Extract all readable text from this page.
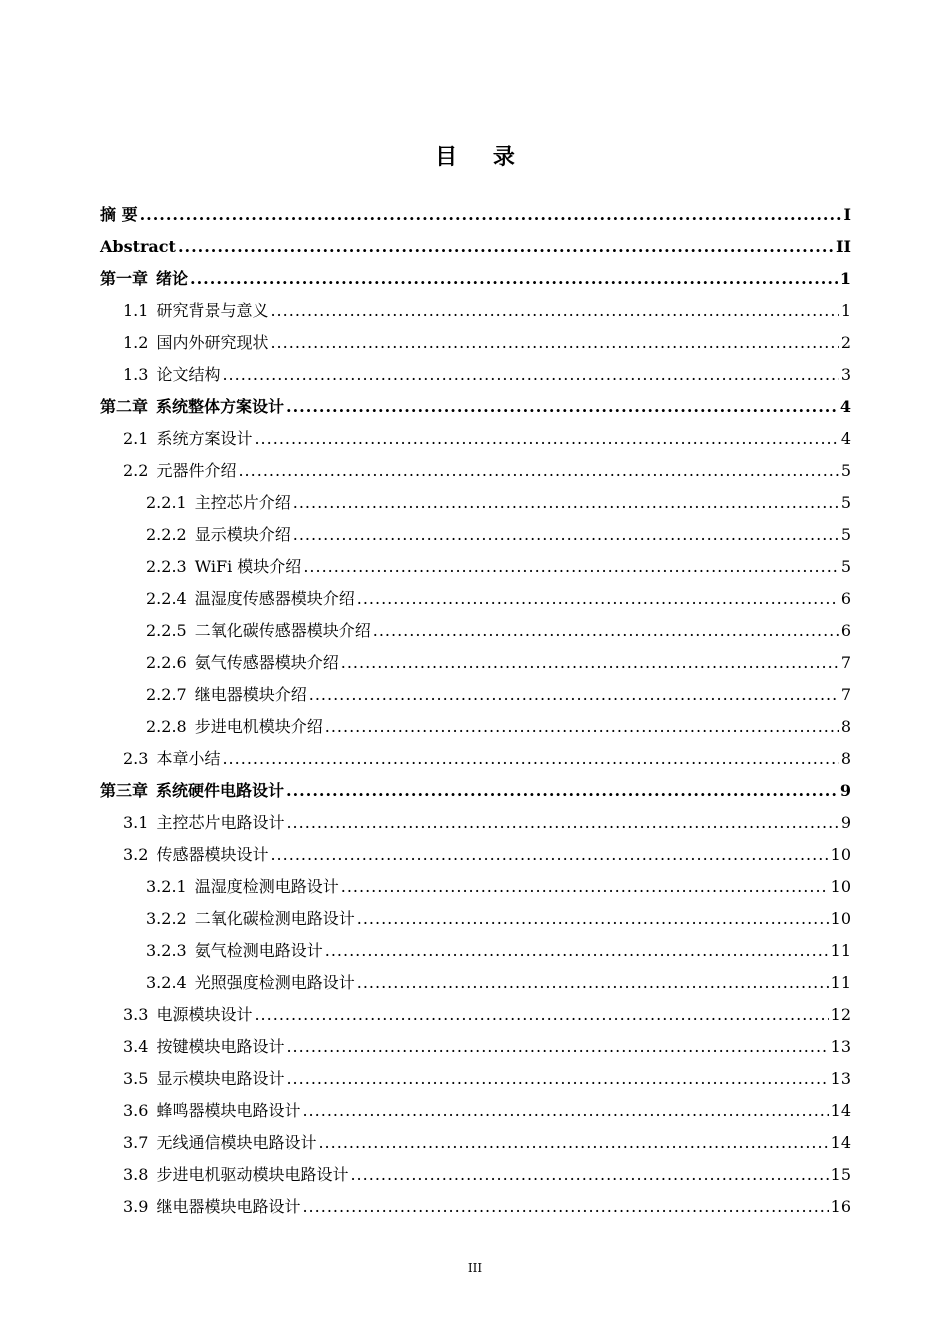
目 录
摘 要 .....	I
Abstract .....	II
第一章 绪论 .....	1
1.1 研究背景与意义 .....	1
1.2 国内外研究现状 .....	2
1.3 论文结构 .....	3
第二章 系统整体方案设计 .....	4
2.1 系统方案设计 .....	4
2.2 元器件介绍 .....	5
2.2.1 主控芯片介绍 .....	5
2.2.2 显示模块介绍 .....	5
2.2.3 WiFi 模块介绍 .....	5
2.2.4 温湿度传感器模块介绍 .....	6
2.2.5 二氧化碳传感器模块介绍 .....	6
2.2.6 氨气传感器模块介绍 .....	7
2.2.7 继电器模块介绍 .....	7
2.2.8 步进电机模块介绍 .....	8
2.3 本章小结 .....	8
第三章 系统硬件电路设计 .....	9
3.1 主控芯片电路设计 .....	9
3.2 传感器模块设计 .....	10
3.2.1 温湿度检测电路设计 .....	10
3.2.2 二氧化碳检测电路设计 .....	10
3.2.3 氨气检测电路设计 .....	11
3.2.4 光照强度检测电路设计 .....	11
3.3 电源模块设计 .....	12
3.4 按键模块电路设计 .....	13
3.5 显示模块电路设计 .....	13
3.6 蜂鸣器模块电路设计 .....	14
3.7 无线通信模块电路设计 .....	14
3.8 步进电机驱动模块电路设计 .....	15
3.9 继电器模块电路设计 .....	16
III
